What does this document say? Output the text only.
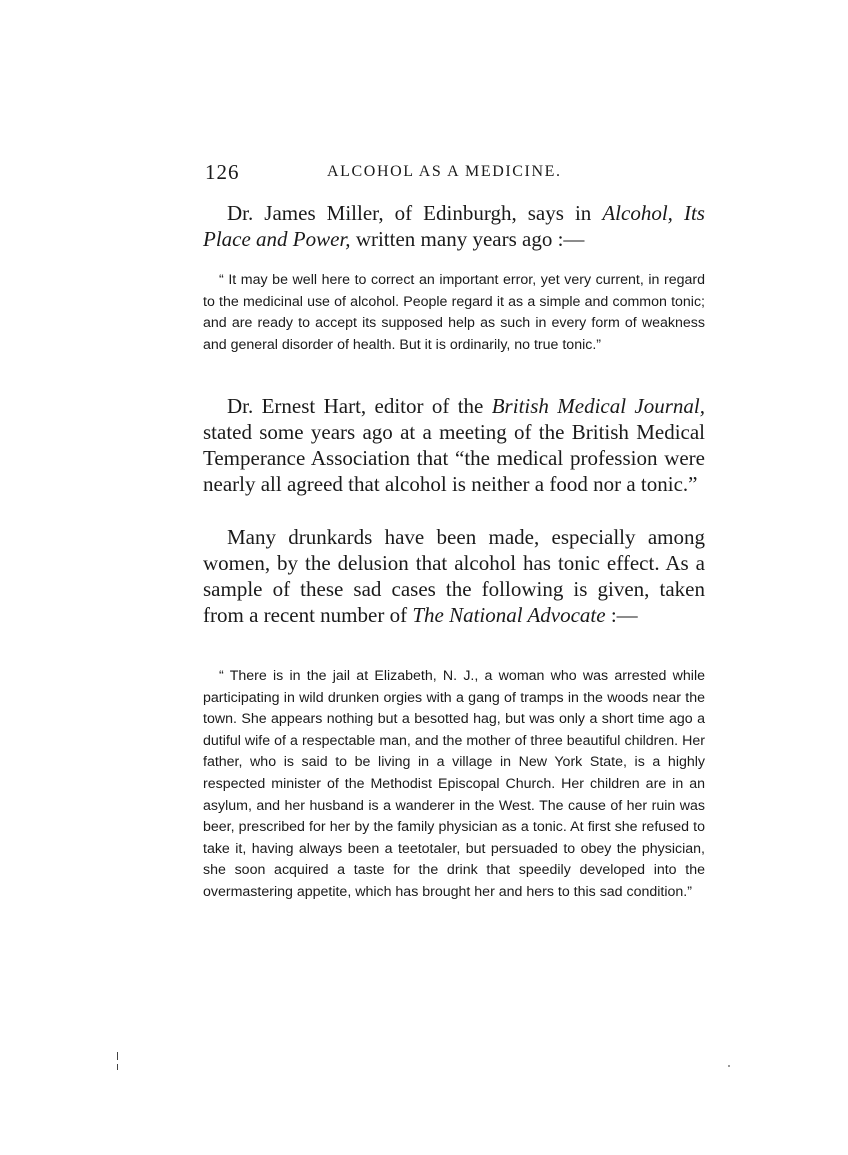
126	ALCOHOL AS A MEDICINE.

Dr. James Miller, of Edinburgh, says in Alcohol, Its Place and Power, written many years ago :—

“ It may be well here to correct an important error, yet very current, in regard to the medicinal use of alcohol. People regard it as a simple and common tonic; and are ready to accept its supposed help as such in every form of weakness and general disorder of health. But it is ordinarily, no true tonic.”

Dr. Ernest Hart, editor of the British Medical Journal, stated some years ago at a meeting of the British Medical Temperance Association that “the medical profession were nearly all agreed that alcohol is neither a food nor a tonic.”

Many drunkards have been made, especially among women, by the delusion that alcohol has tonic effect. As a sample of these sad cases the following is given, taken from a recent number of The National Advocate :—

“ There is in the jail at Elizabeth, N. J., a woman who was arrested while participating in wild drunken orgies with a gang of tramps in the woods near the town. She appears nothing but a besotted hag, but was only a short time ago a dutiful wife of a respectable man, and the mother of three beautiful children. Her father, who is said to be living in a village in New York State, is a highly respected minister of the Methodist Episcopal Church. Her children are in an asylum, and her husband is a wanderer in the West. The cause of her ruin was beer, prescribed for her by the family physician as a tonic. At first she refused to take it, having always been a teetotaler, but persuaded to obey the physician, she soon acquired a taste for the drink that speedily developed into the overmastering appetite, which has brought her and hers to this sad condition.”
